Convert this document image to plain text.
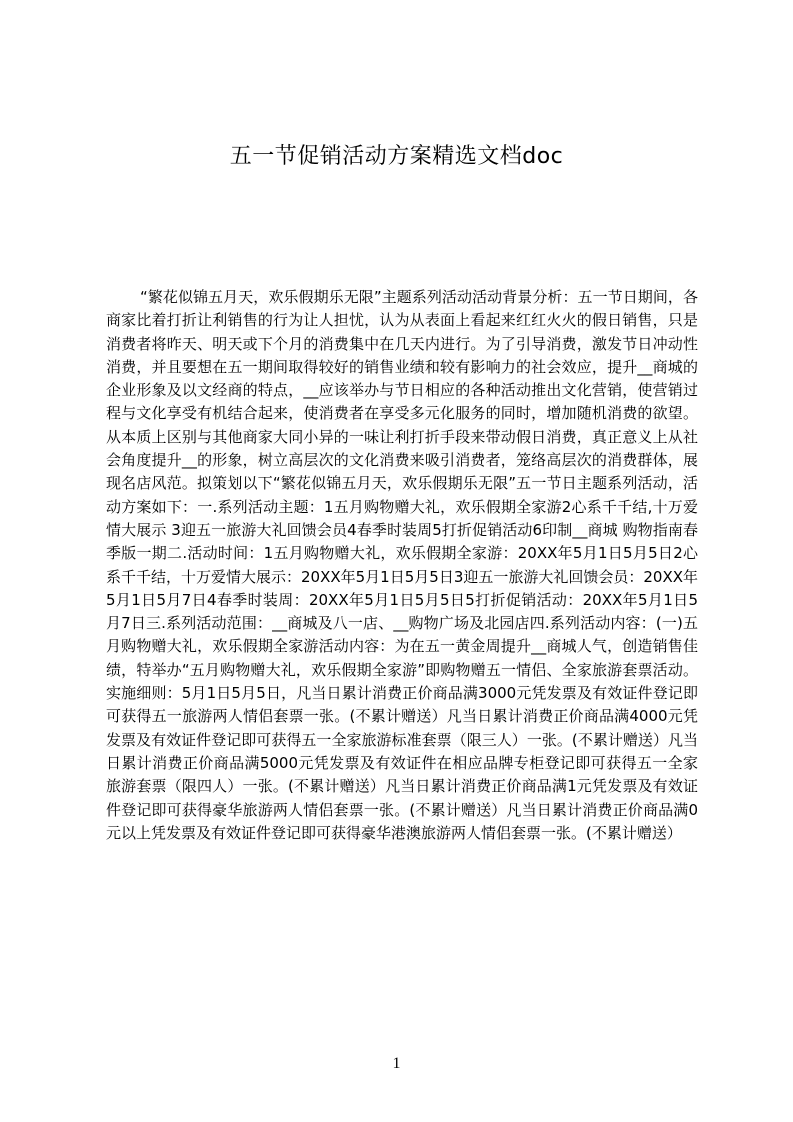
五一节促销活动方案精选文档doc

“繁花似锦五月天，欢乐假期乐无限”主题系列活动活动背景分析：五一节日期间，各商家比着打折让利销售的行为让人担忧，认为从表面上看起来红红火火的假日销售，只是消费者将昨天、明天或下个月的消费集中在几天内进行。为了引导消费，激发节日冲动性消费，并且要想在五一期间取得较好的销售业绩和较有影响力的社会效应，提升__商城的企业形象及以文经商的特点，__应该举办与节日相应的各种活动推出文化营销，使营销过程与文化享受有机结合起来，使消费者在享受多元化服务的同时，增加随机消费的欲望。从本质上区别与其他商家大同小异的一味让利打折手段来带动假日消费，真正意义上从社会角度提升__的形象，树立高层次的文化消费来吸引消费者，笼络高层次的消费群体，展现名店风范。拟策划以下“繁花似锦五月天，欢乐假期乐无限”五一节日主题系列活动，活动方案如下：一.系列活动主题：1五月购物赠大礼，欢乐假期全家游2心系千千结,十万爱情大展示 3迎五一旅游大礼回馈会员4春季时装周5打折促销活动6印制__商城 购物指南春季版一期二.活动时间：1五月购物赠大礼，欢乐假期全家游：20XX年5月1日5月5日2心系千千结，十万爱情大展示：20XX年5月1日5月5日3迎五一旅游大礼回馈会员：20XX年5月1日5月7日4春季时装周：20XX年5月1日5月5日5打折促销活动：20XX年5月1日5月7日三.系列活动范围：__商城及八一店、__购物广场及北园店四.系列活动内容：(一)五月购物赠大礼，欢乐假期全家游活动内容：为在五一黄金周提升__商城人气，创造销售佳绩，特举办“五月购物赠大礼，欢乐假期全家游”即购物赠五一情侣、全家旅游套票活动。实施细则：5月1日5月5日，凡当日累计消费正价商品满3000元凭发票及有效证件登记即可获得五一旅游两人情侣套票一张。(不累计赠送）凡当日累计消费正价商品满4000元凭发票及有效证件登记即可获得五一全家旅游标准套票（限三人）一张。(不累计赠送）凡当日累计消费正价商品满5000元凭发票及有效证件在相应品牌专柜登记即可获得五一全家旅游套票（限四人）一张。(不累计赠送）凡当日累计消费正价商品满1元凭发票及有效证件登记即可获得豪华旅游两人情侣套票一张。(不累计赠送）凡当日累计消费正价商品满0元以上凭发票及有效证件登记即可获得豪华港澳旅游两人情侣套票一张。(不累计赠送）

1
